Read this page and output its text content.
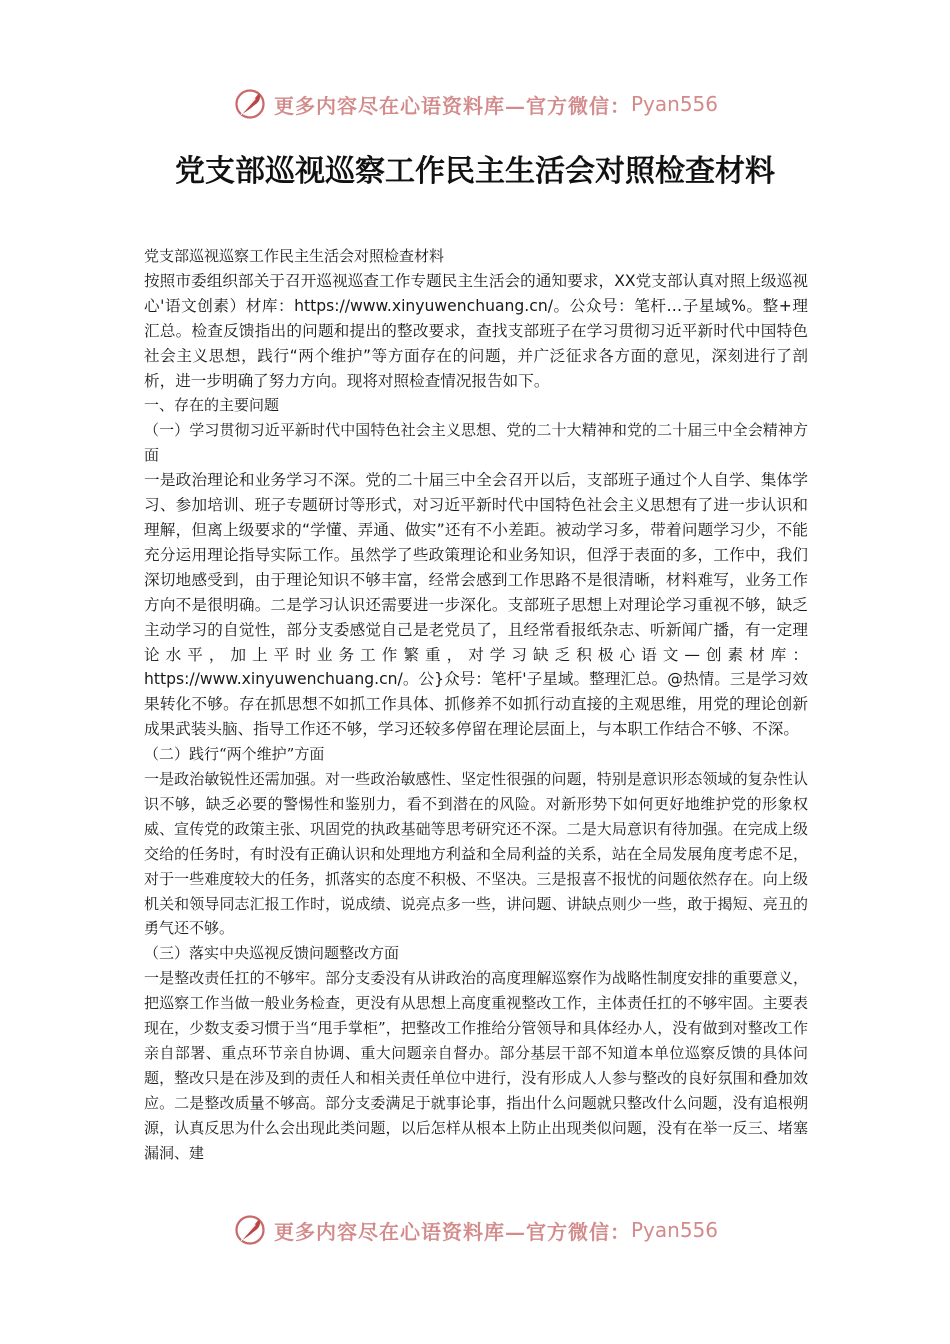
更多内容尽在心语资料库—官方微信： Pyan556
党支部巡视巡察工作民主生活会对照检查材料

党支部巡视巡察工作民主生活会对照检查材料

按照市委组织部关于召开巡视巡查工作专题民主生活会的通知要求，XX党支部认真对照上级巡视心'语文创素）材库：https://www.xinyuwenchuang.cn/。公众号：笔杆…子星域%。整+理汇总。检查反馈指出的问题和提出的整改要求，查找支部班子在学习贯彻习近平新时代中国特色社会主义思想，践行“两个维护”等方面存在的问题，并广泛征求各方面的意见，深刻进行了剖析，进一步明确了努力方向。现将对照检查情况报告如下。

一、存在的主要问题

（一）学习贯彻习近平新时代中国特色社会主义思想、党的二十大精神和党的二十届三中全会精神方面

一是政治理论和业务学习不深。党的二十届三中全会召开以后，支部班子通过个人自学、集体学习、参加培训、班子专题研讨等形式，对习近平新时代中国特色社会主义思想有了进一步认识和理解，但离上级要求的“学懂、弄通、做实”还有不小差距。被动学习多，带着问题学习少，不能充分运用理论指导实际工作。虽然学了些政策理论和业务知识，但浮于表面的多，工作中，我们深切地感受到，由于理论知识不够丰富，经常会感到工作思路不是很清晰，材料难写，业务工作方向不是很明确。二是学习认识还需要进一步深化。支部班子思想上对理论学习重视不够，缺乏主动学习的自觉性，部分支委感觉自己是老党员了，且经常看报纸杂志、听新闻广播，有一定理论水平，加上平时业务工作繁重，对学习缺乏积极心语文—创素材库：https://www.xinyuwenchuang.cn/。公}众号：笔杆'子星域。整理汇总。@热情。三是学习效果转化不够。存在抓思想不如抓工作具体、抓修养不如抓行动直接的主观思维，用党的理论创新成果武装头脑、指导工作还不够，学习还较多停留在理论层面上，与本职工作结合不够、不深。

（二）践行“两个维护”方面

一是政治敏锐性还需加强。对一些政治敏感性、坚定性很强的问题，特别是意识形态领域的复杂性认识不够，缺乏必要的警惕性和鉴别力，看不到潜在的风险。对新形势下如何更好地维护党的形象权威、宣传党的政策主张、巩固党的执政基础等思考研究还不深。二是大局意识有待加强。在完成上级交给的任务时，有时没有正确认识和处理地方利益和全局利益的关系，站在全局发展角度考虑不足，对于一些难度较大的任务，抓落实的态度不积极、不坚决。三是报喜不报忧的问题依然存在。向上级机关和领导同志汇报工作时，说成绩、说亮点多一些，讲问题、讲缺点则少一些，敢于揭短、亮丑的勇气还不够。

（三）落实中央巡视反馈问题整改方面

一是整改责任扛的不够牢。部分支委没有从讲政治的高度理解巡察作为战略性制度安排的重要意义，把巡察工作当做一般业务检查，更没有从思想上高度重视整改工作，主体责任扛的不够牢固。主要表现在，少数支委习惯于当“甩手掌柜”，把整改工作推给分管领导和具体经办人，没有做到对整改工作亲自部署、重点环节亲自协调、重大问题亲自督办。部分基层干部不知道本单位巡察反馈的具体问题，整改只是在涉及到的责任人和相关责任单位中进行，没有形成人人参与整改的良好氛围和叠加效应。二是整改质量不够高。部分支委满足于就事论事，指出什么问题就只整改什么问题，没有追根朔源，认真反思为什么会出现此类问题，以后怎样从根本上防止出现类似问题，没有在举一反三、堵塞漏洞、建

更多内容尽在心语资料库—官方微信： Pyan556
